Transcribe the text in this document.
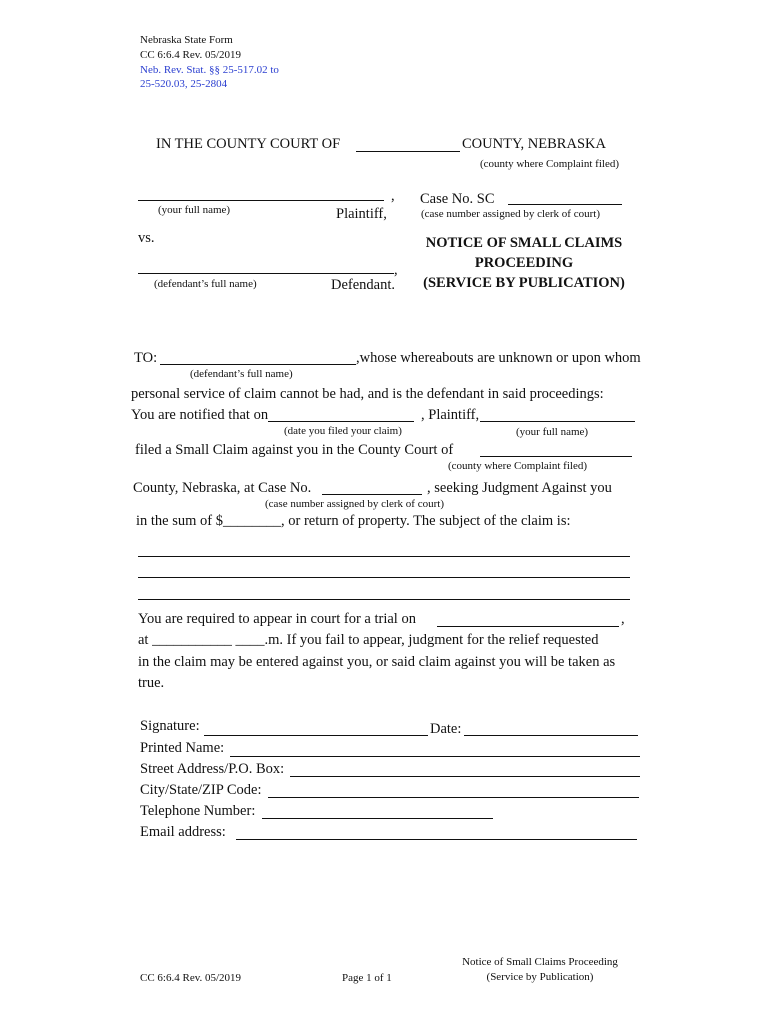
Nebraska State Form
CC 6:6.4 Rev. 05/2019
Neb. Rev. Stat. §§ 25-517.02 to
25-520.03, 25-2804
IN THE COUNTY COURT OF	COUNTY, NEBRASKA
(county where Complaint filed)
,
(your full name)	Plaintiff,
vs.
,
(defendant’s full name)	Defendant.
Case No. SC
(case number assigned by clerk of court)
NOTICE OF SMALL CLAIMS
PROCEEDING
(SERVICE BY PUBLICATION)
TO:	,whose whereabouts are unknown or upon whom
(defendant’s full name)
personal service of claim cannot be had, and is the defendant in said proceedings:
You are notified that on	, Plaintiff,
(date you filed your claim)	(your full name)
filed a Small Claim against you in the County Court of
(county where Complaint filed)
County, Nebraska, at Case No.	, seeking Judgment Against you
(case number assigned by clerk of court)
in the sum of $________, or return of property. The subject of the claim is:
You are required to appear in court for a trial on	,
at ___________ ____.m. If you fail to appear, judgment for the relief requested
in the claim may be entered against you, or said claim against you will be taken as
true.
Signature:	Date:
Printed Name:
Street Address/P.O. Box:
City/State/ZIP Code:
Telephone Number:
Email address:
CC 6:6.4 Rev. 05/2019	Page 1 of 1
Notice of Small Claims Proceeding
(Service by Publication)
